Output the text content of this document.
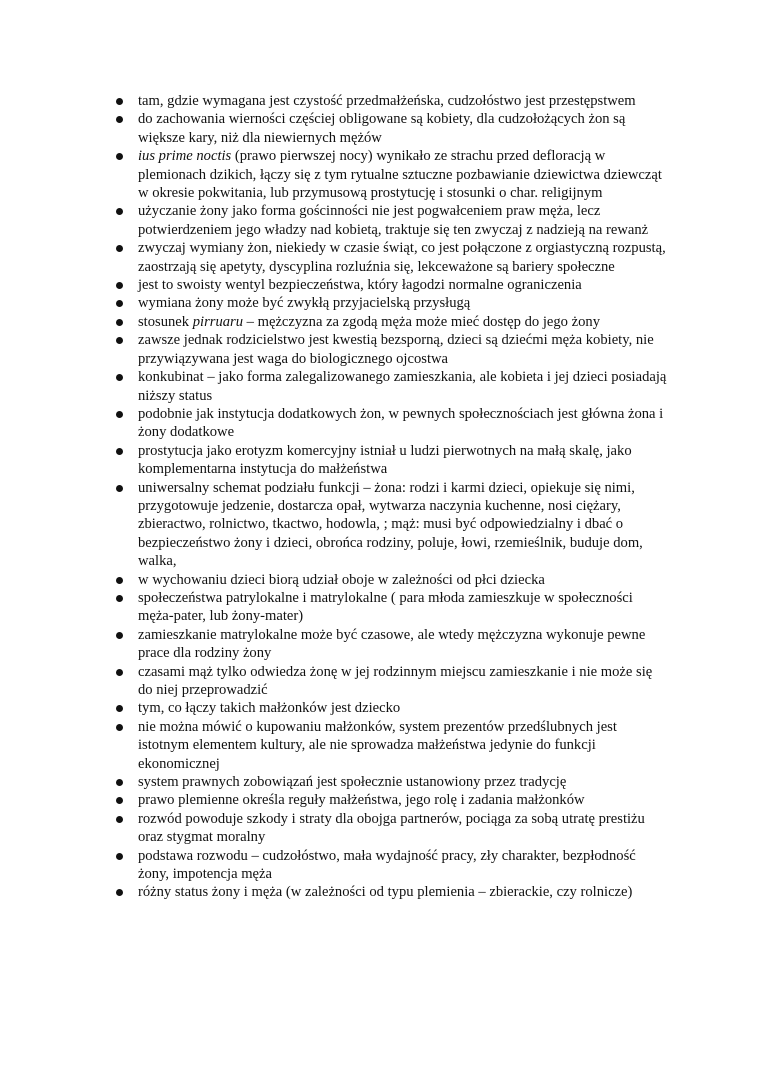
tam, gdzie wymagana jest czystość przedmałżeńska, cudzołóstwo jest przestępstwem
do zachowania wierności częściej obligowane są kobiety, dla cudzołożących żon są większe kary, niż dla niewiernych mężów
ius prime noctis (prawo pierwszej nocy) wynikało ze strachu przed defloracją w plemionach dzikich, łączy się z tym rytualne sztuczne pozbawianie dziewictwa dziewcząt w okresie pokwitania, lub przymusową prostytucję i stosunki o char. religijnym
użyczanie żony jako forma gościnności nie jest pogwałceniem praw męża, lecz potwierdzeniem jego władzy nad kobietą, traktuje się ten zwyczaj z nadzieją na rewanż
zwyczaj wymiany żon, niekiedy w czasie świąt, co jest połączone z orgiastyczną rozpustą, zaostrzają się apetyty, dyscyplina rozluźnia się, lekceważone są bariery społeczne
jest to swoisty wentyl bezpieczeństwa, który łagodzi normalne ograniczenia
wymiana żony może być zwykłą przyjacielską przysługą
stosunek pirruaru – mężczyzna za zgodą męża może mieć dostęp do jego żony
zawsze jednak rodzicielstwo jest kwestią bezsporną, dzieci są dziećmi męża kobiety, nie przywiązywana jest waga do biologicznego ojcostwa
konkubinat – jako forma zalegalizowanego zamieszkania, ale kobieta i jej dzieci posiadają niższy status
podobnie jak instytucja dodatkowych żon, w pewnych społecznościach jest główna żona i żony dodatkowe
prostytucja jako erotyzm komercyjny istniał u ludzi pierwotnych na małą skalę, jako komplementarna instytucja do małżeństwa
uniwersalny schemat podziału funkcji – żona: rodzi i karmi dzieci, opiekuje się nimi, przygotowuje jedzenie, dostarcza opał, wytwarza naczynia kuchenne, nosi ciężary, zbieractwo, rolnictwo, tkactwo, hodowla, ; mąż: musi być odpowiedzialny i dbać o bezpieczeństwo żony i dzieci, obrońca rodziny, poluje, łowi, rzemieślnik, buduje dom, walka,
w wychowaniu dzieci biorą udział oboje w zależności od płci dziecka
społeczeństwa patrylokalne i matrylokalne ( para młoda zamieszkuje w społeczności męża-pater, lub żony-mater)
zamieszkanie matrylokalne może być czasowe, ale wtedy mężczyzna wykonuje pewne prace dla rodziny żony
czasami mąż tylko odwiedza żonę w jej rodzinnym miejscu zamieszkanie i nie może się do niej przeprowadzić
tym, co łączy takich małżonków jest dziecko
nie można mówić o kupowaniu małżonków, system prezentów przedślubnych jest istotnym elementem kultury, ale nie sprowadza małżeństwa jedynie do funkcji ekonomicznej
system prawnych zobowiązań jest społecznie ustanowiony przez tradycję
prawo plemienne określa reguły małżeństwa, jego rolę i zadania małżonków
rozwód powoduje szkody i straty dla obojga partnerów, pociąga za sobą utratę prestiżu oraz stygmat moralny
podstawa rozwodu – cudzołóstwo, mała wydajność pracy, zły charakter, bezpłodność żony, impotencja męża
różny status żony i męża (w zależności od typu plemienia – zbierackie, czy rolnicze)
